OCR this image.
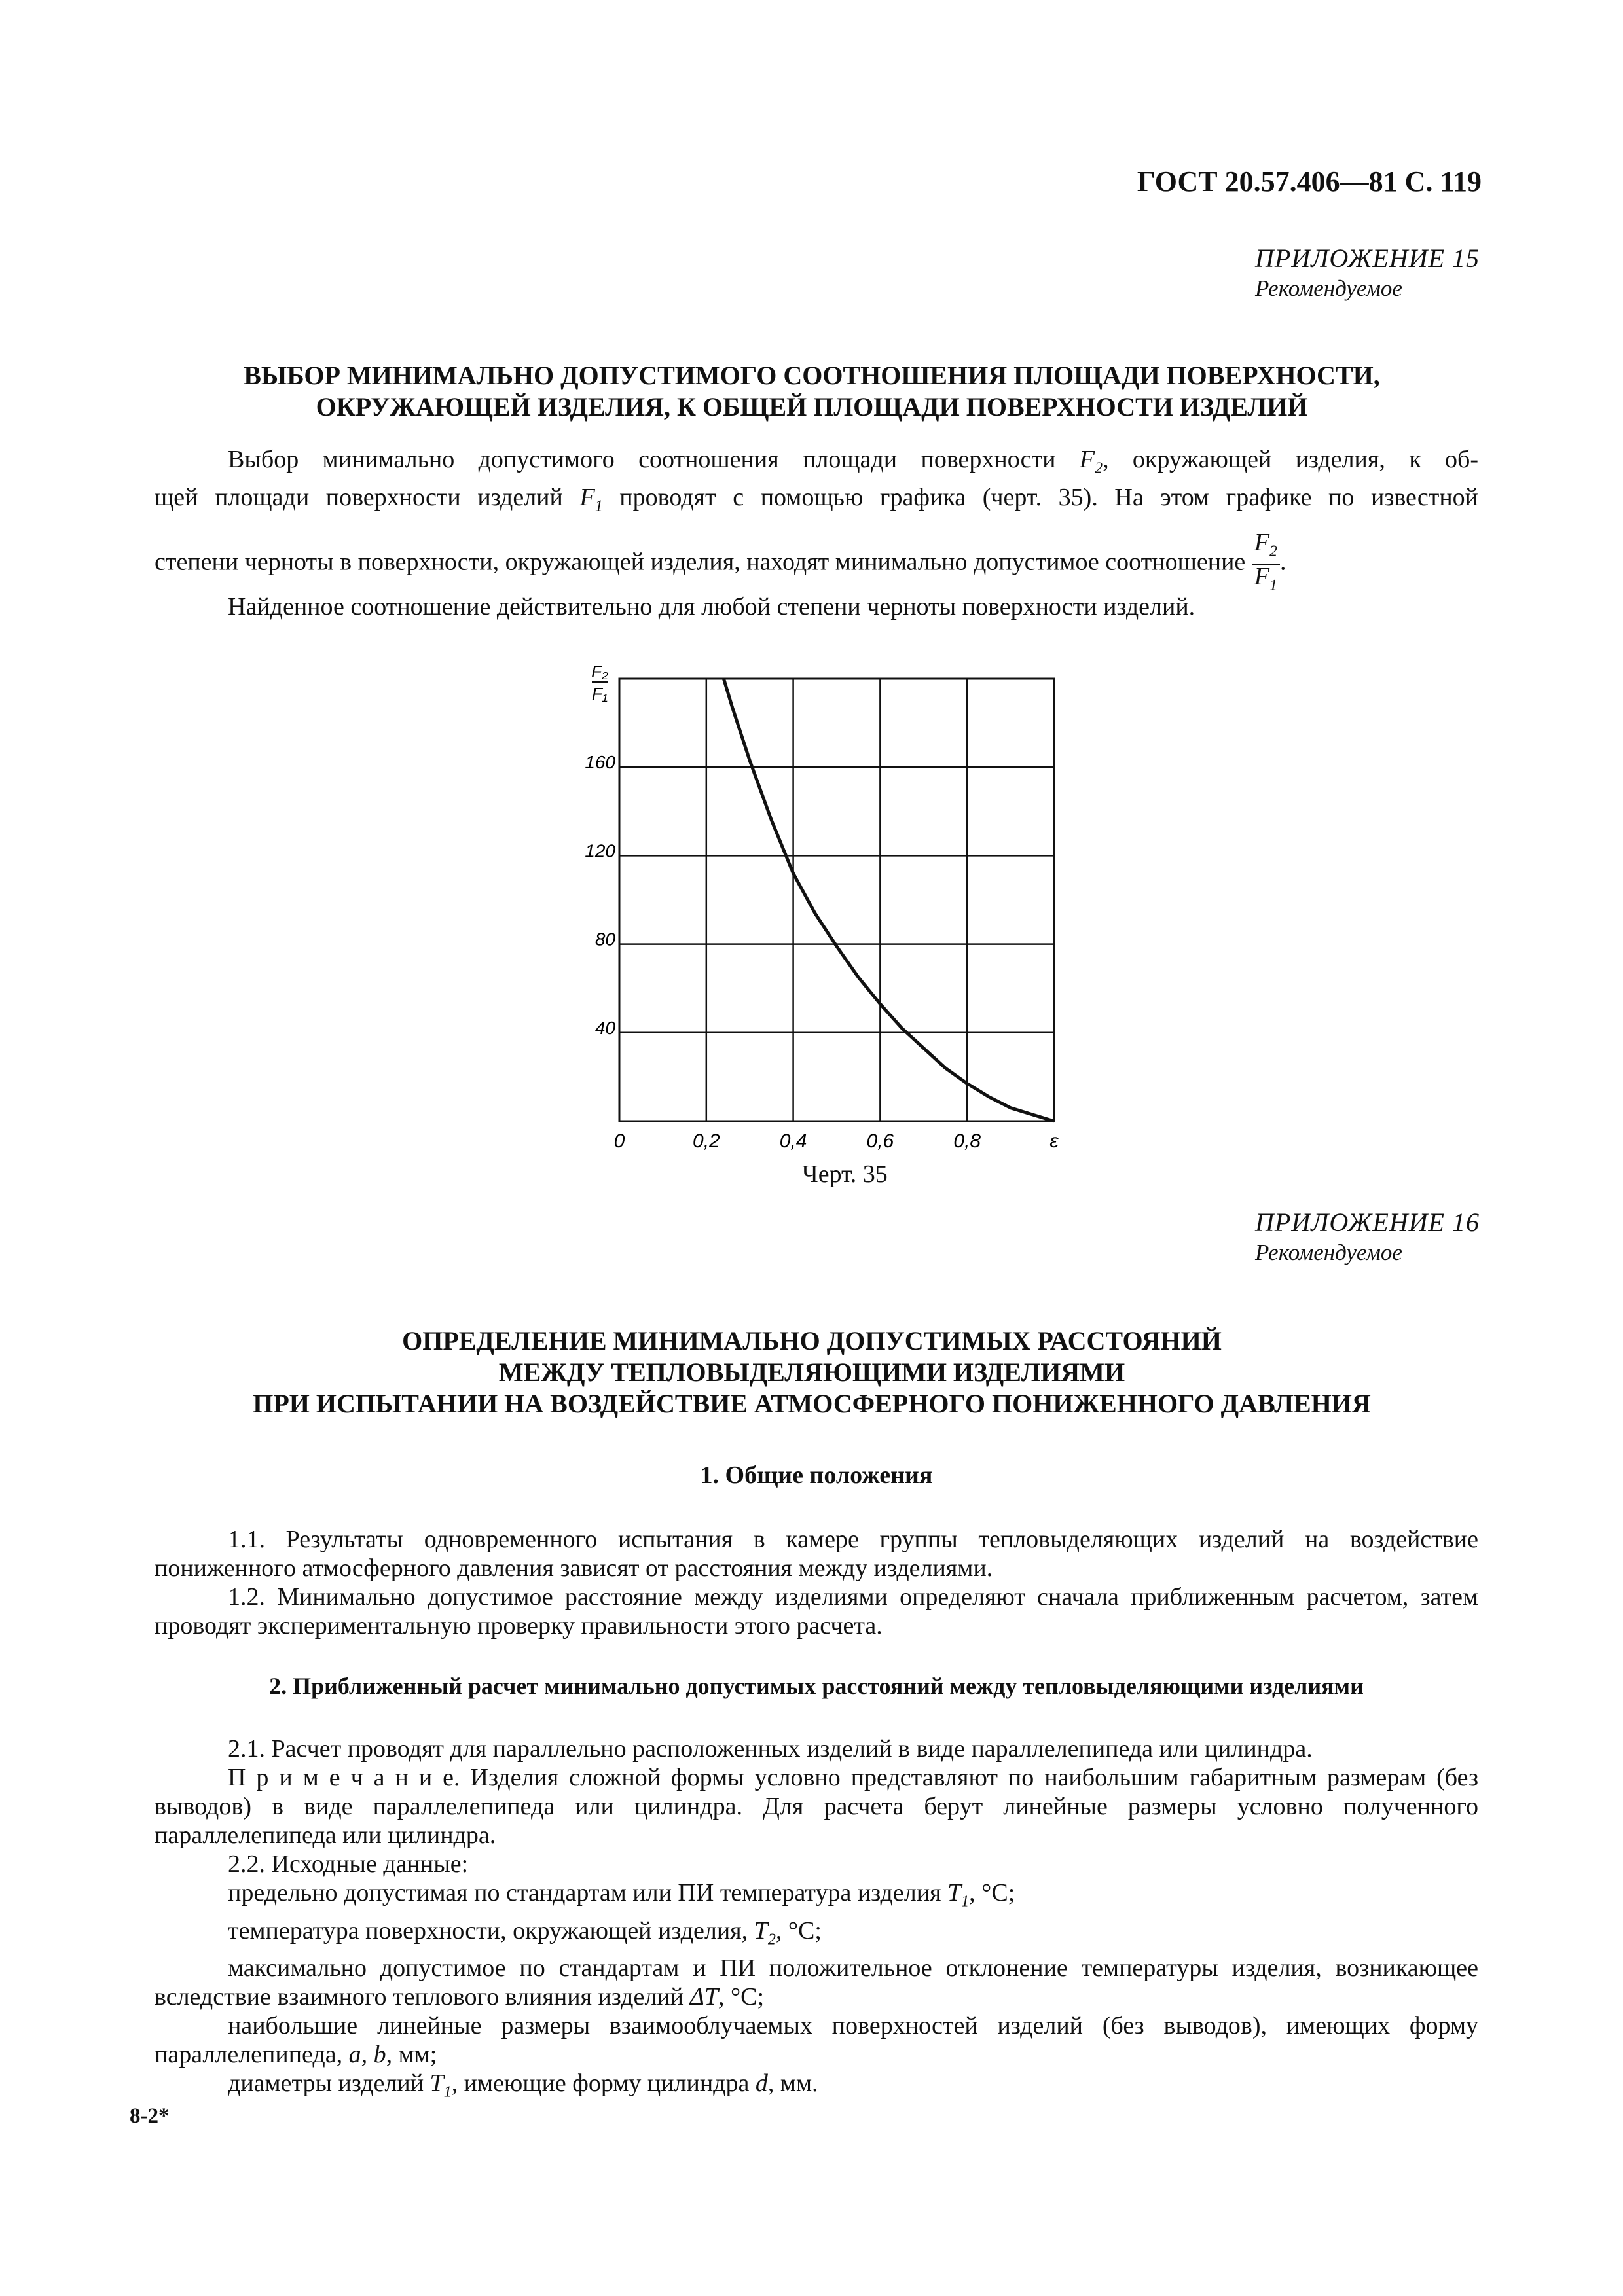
ГОСТ 20.57.406—81 С. 119
ПРИЛОЖЕНИЕ 15
Рекомендуемое
ВЫБОР МИНИМАЛЬНО ДОПУСТИМОГО СООТНОШЕНИЯ ПЛОЩАДИ ПОВЕРХНОСТИ,
ОКРУЖАЮЩЕЙ ИЗДЕЛИЯ, К ОБЩЕЙ ПЛОЩАДИ ПОВЕРХНОСТИ ИЗДЕЛИЙ
Выбор минимально допустимого соотношения площади поверхности $F_2$, окружающей изделия, к об-
щей площади поверхности изделий $F_1$ проводят с помощью графика (черт. 35). На этом графике по известной
степени черноты в поверхности, окружающей изделия, находят минимально допустимое соотношение $\frac{F_2}{F_1}$ .
Найденное соотношение действительно для любой степени черноты поверхности изделий.
0	0,2	0,4	0,6	0,8	ε
40
80
120
160
F₂
F₁
Черт. 35
ПРИЛОЖЕНИЕ 16
Рекомендуемое
ОПРЕДЕЛЕНИЕ МИНИМАЛЬНО ДОПУСТИМЫХ РАССТОЯНИЙ
МЕЖДУ ТЕПЛОВЫДЕЛЯЮЩИМИ ИЗДЕЛИЯМИ
ПРИ ИСПЫТАНИИ НА ВОЗДЕЙСТВИЕ АТМОСФЕРНОГО ПОНИЖЕННОГО ДАВЛЕНИЯ
1. Общие положения
1.1. Результаты одновременного испытания в камере группы тепловыделяющих изделий на воздействие пониженного атмосферного давления зависят от расстояния между изделиями.
1.2. Минимально допустимое расстояние между изделиями определяют сначала приближенным расчетом, затем проводят экспериментальную проверку правильности этого расчета.
2. Приближенный расчет минимально допустимых расстояний между тепловыделяющими изделиями
2.1. Расчет проводят для параллельно расположенных изделий в виде параллелепипеда или цилиндра.
П р и м е ч а н и е. Изделия сложной формы условно представляют по наибольшим габаритным размерам (без выводов) в виде параллелепипеда или цилиндра. Для расчета берут линейные размеры условно полученного параллелепипеда или цилиндра.
2.2. Исходные данные:
предельно допустимая по стандартам или ПИ температура изделия $T_1$, °С;
температура поверхности, окружающей изделия, $T_2$, °С;
максимально допустимое по стандартам и ПИ положительное отклонение температуры изделия, возникающее вследствие взаимного теплового влияния изделий ΔT, °С;
наибольшие линейные размеры взаимооблучаемых поверхностей изделий (без выводов), имеющих форму параллелепипеда, a, b, мм;
диаметры изделий $T_1$, имеющие форму цилиндра d, мм.
8-2*
